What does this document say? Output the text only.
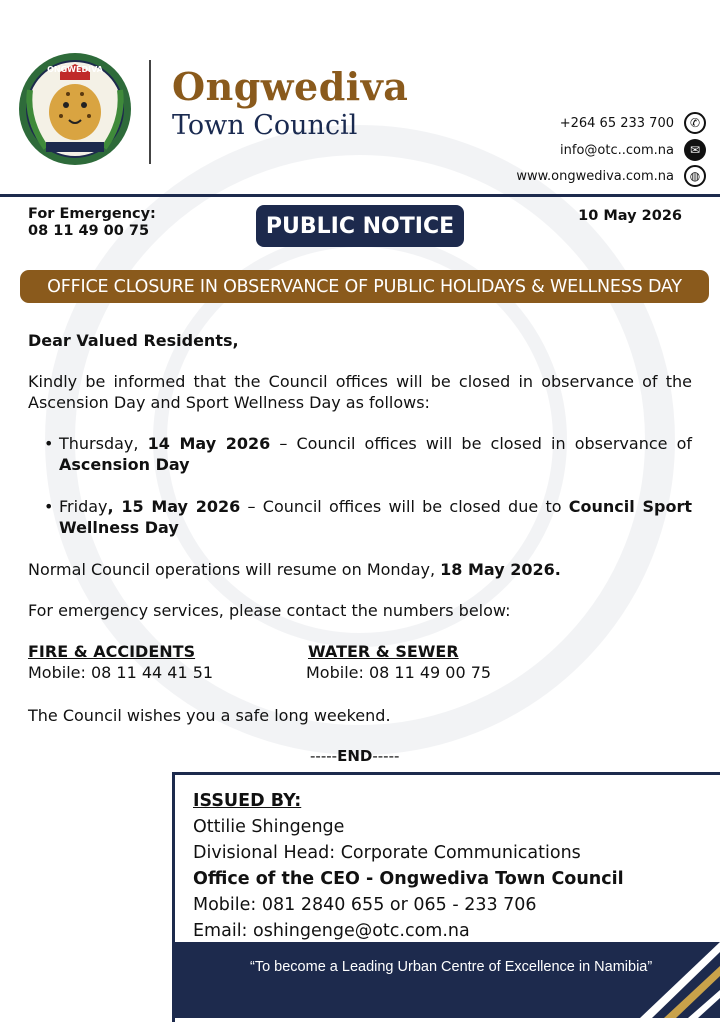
ONGWEDIVA Ongwediva
Town Council	+264 65 233 700	✆
info@otc..com.na	✉
www.ongwediva.com.na	◍
For Emergency:
08 11 49 00 75	PUBLIC NOTICE	10 May 2026
OFFICE CLOSURE IN OBSERVANCE OF PUBLIC HOLIDAYS & WELLNESS DAY
Dear Valued Residents,
Kindly be informed that the Council offices will be closed in observance of the Ascension Day and Sport Wellness Day as follows:
• Thursday, 14 May 2026 – Council offices will be closed in observance of Ascension Day
• Friday, 15 May 2026 – Council offices will be closed due to Council Sport Wellness Day
Normal Council operations will resume on Monday, 18 May 2026.
For emergency services, please contact the numbers below:
FIRE & ACCIDENTS
Mobile: 08 11 44 41 51
WATER & SEWER
Mobile: 08 11 49 00 75
The Council wishes you a safe long weekend.
-----END-----
ISSUED BY:
Ottilie Shingenge
Divisional Head: Corporate Communications
Office of the CEO - Ongwediva Town Council
Mobile: 081 2840 655 or 065 - 233 706
Email: oshingenge@otc.com.na
“To become a Leading Urban Centre of Excellence in Namibia”
